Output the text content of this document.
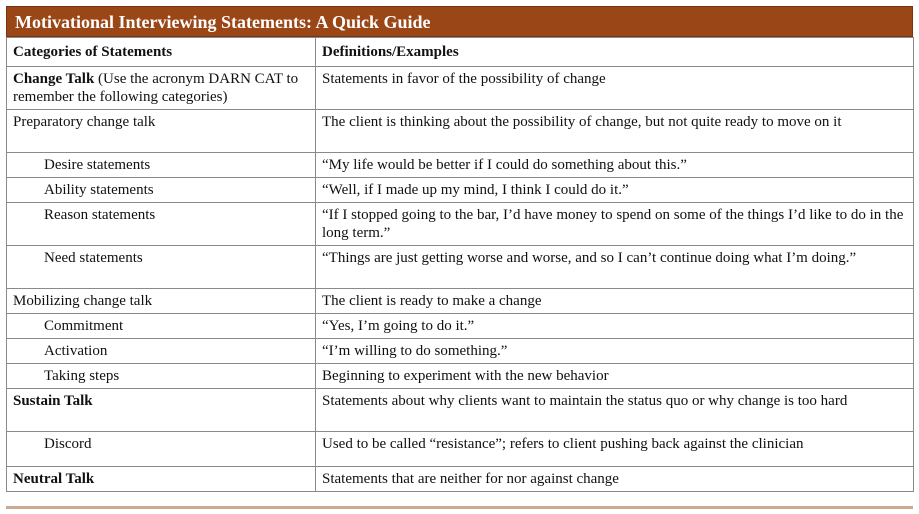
Motivational Interviewing Statements: A Quick Guide
Categories of Statements	Definitions/Examples
Change Talk (Use the acronym DARN CAT to remember the following categories)	Statements in favor of the possibility of change
Preparatory change talk	The client is thinking about the possibility of change, but not quite ready to move on it
Desire statements	“My life would be better if I could do something about this.”
Ability statements	“Well, if I made up my mind, I think I could do it.”
Reason statements	“If I stopped going to the bar, I’d have money to spend on some of the things I’d like to do in the long term.”
Need statements	“Things are just getting worse and worse, and so I can’t continue doing what I’m doing.”
Mobilizing change talk	The client is ready to make a change
Commitment	“Yes, I’m going to do it.”
Activation	“I’m willing to do something.”
Taking steps	Beginning to experiment with the new behavior
Sustain Talk	Statements about why clients want to maintain the status quo or why change is too hard
Discord	Used to be called “resistance”; refers to client pushing back against the clinician
Neutral Talk	Statements that are neither for nor against change
